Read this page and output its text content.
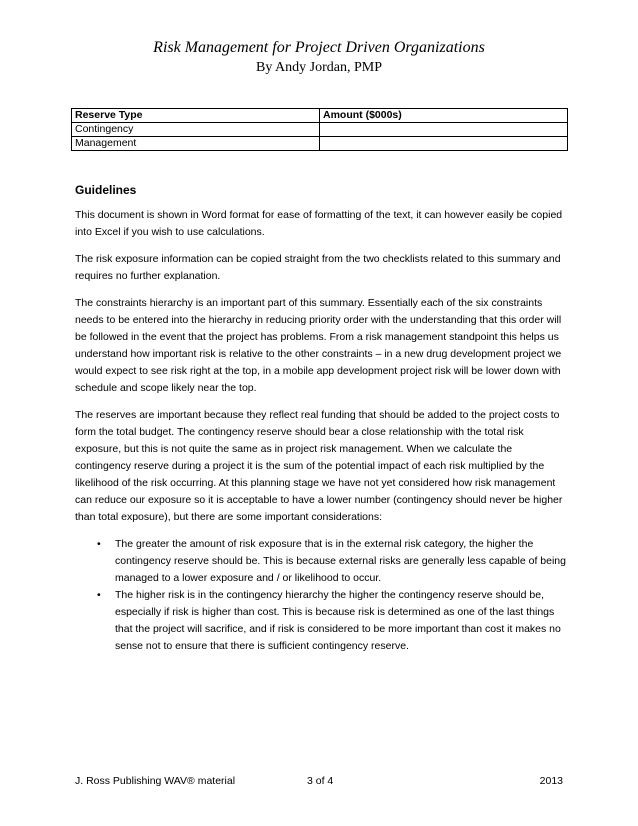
Risk Management for Project Driven Organizations
By Andy Jordan, PMP
Reserve Type	Amount ($000s)
Contingency	
Management	
Guidelines

This document is shown in Word format for ease of formatting of the text, it can however easily be copied into Excel if you wish to use calculations.

The risk exposure information can be copied straight from the two checklists related to this summary and requires no further explanation.

The constraints hierarchy is an important part of this summary. Essentially each of the six constraints needs to be entered into the hierarchy in reducing priority order with the understanding that this order will be followed in the event that the project has problems. From a risk management standpoint this helps us understand how important risk is relative to the other constraints – in a new drug development project we would expect to see risk right at the top, in a mobile app development project risk will be lower down with schedule and scope likely near the top.

The reserves are important because they reflect real funding that should be added to the project costs to form the total budget. The contingency reserve should bear a close relationship with the total risk exposure, but this is not quite the same as in project risk management. When we calculate the contingency reserve during a project it is the sum of the potential impact of each risk multiplied by the likelihood of the risk occurring. At this planning stage we have not yet considered how risk management can reduce our exposure so it is acceptable to have a lower number (contingency should never be higher than total exposure), but there are some important considerations:

• The greater the amount of risk exposure that is in the external risk category, the higher the contingency reserve should be. This is because external risks are generally less capable of being managed to a lower exposure and / or likelihood to occur.
• The higher risk is in the contingency hierarchy the higher the contingency reserve should be, especially if risk is higher than cost. This is because risk is determined as one of the last things that the project will sacrifice, and if risk is considered to be more important than cost it makes no sense not to ensure that there is sufficient contingency reserve.
J. Ross Publishing WAV® material	3 of 4	2013
